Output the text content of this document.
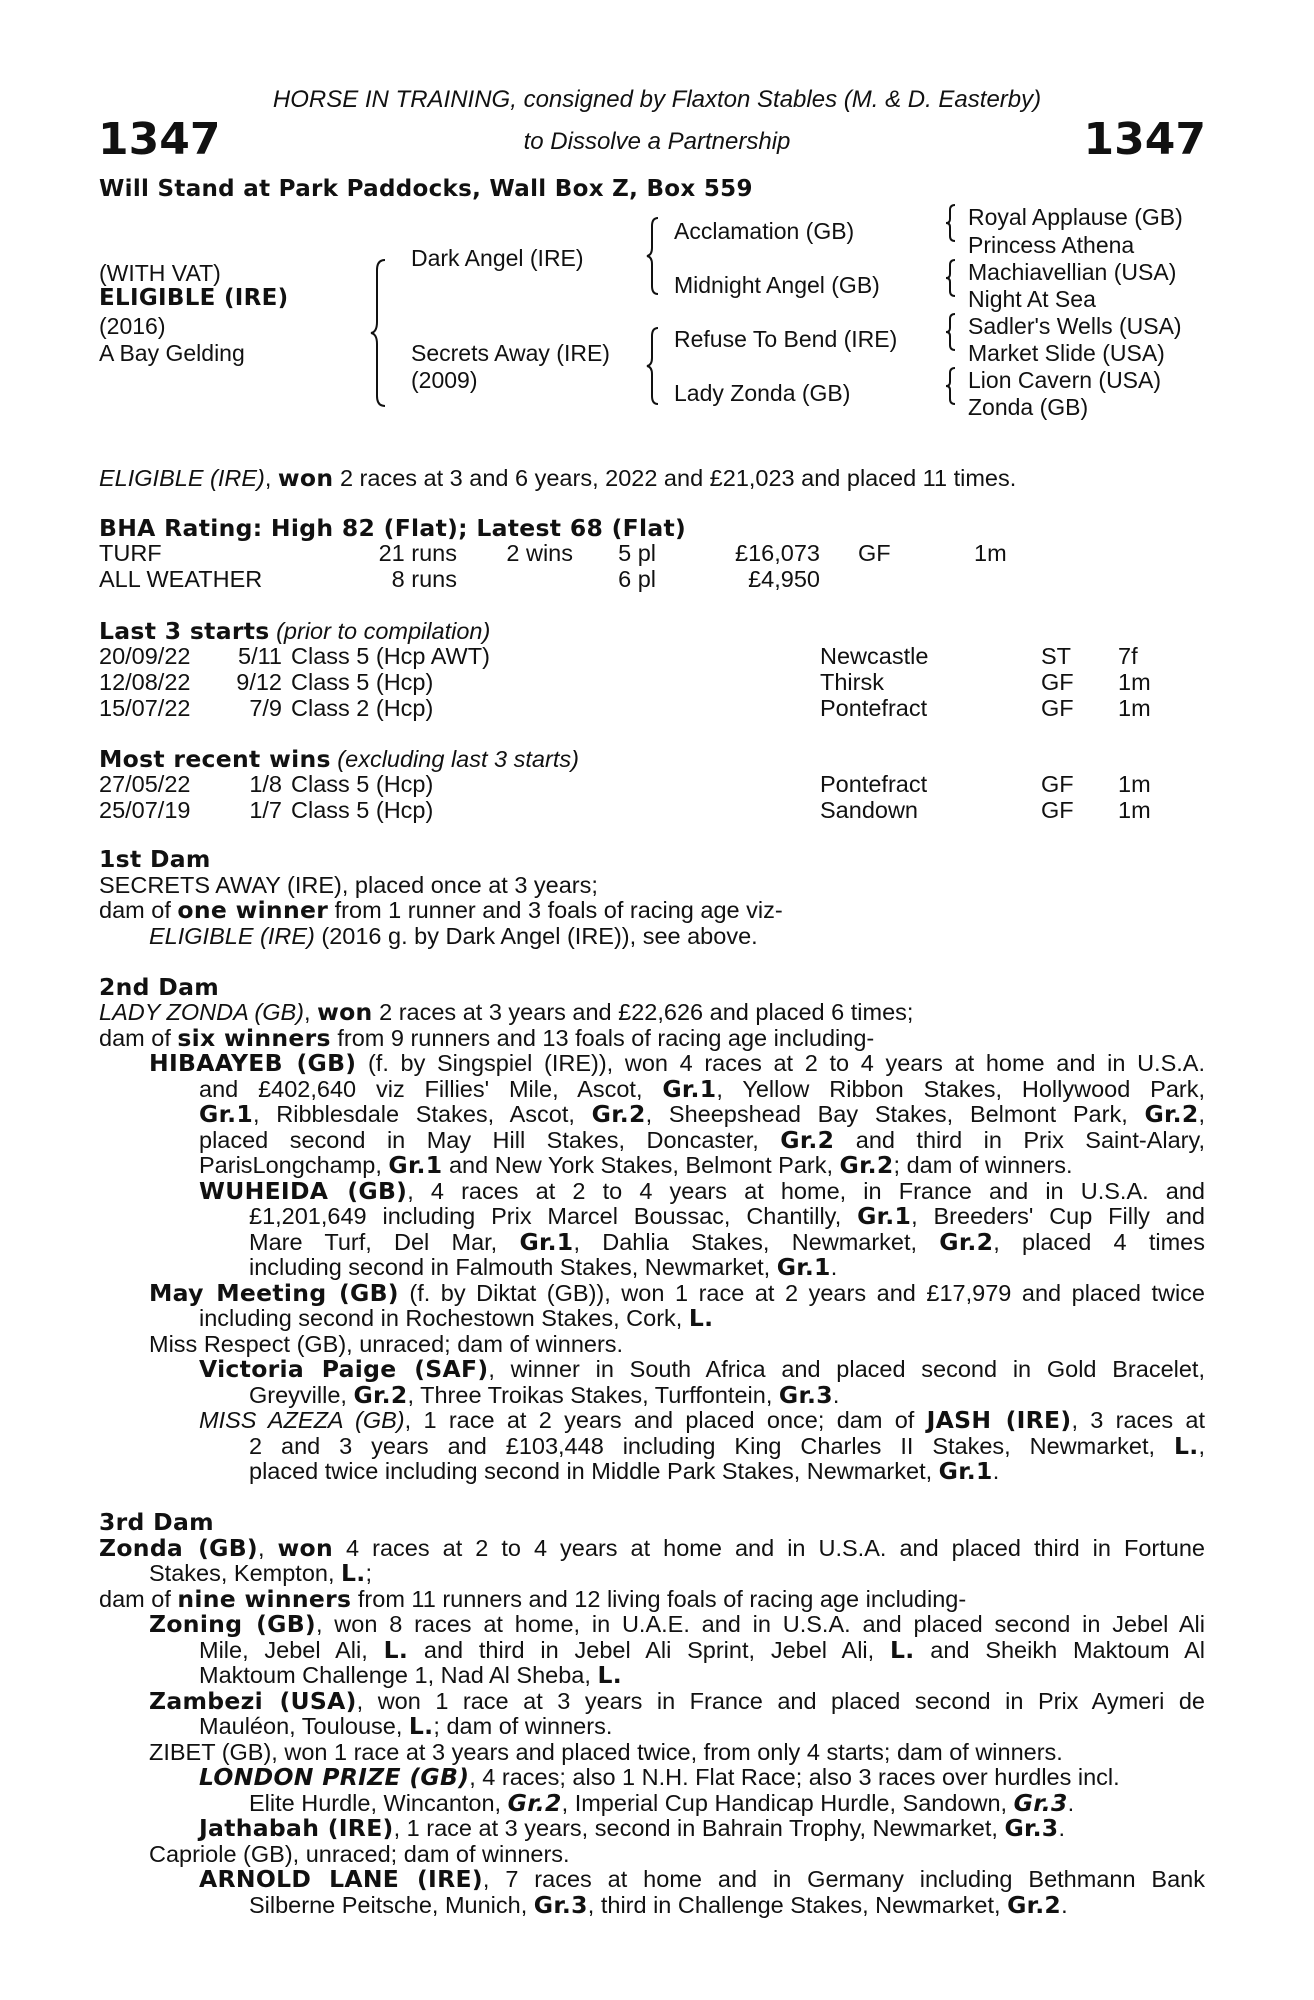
HORSE IN TRAINING, consigned by Flaxton Stables (M. & D. Easterby)
1347	to Dissolve a Partnership	1347
Will Stand at Park Paddocks, Wall Box Z, Box 559
(WITH VAT)
ELIGIBLE (IRE)
(2016)
A Bay Gelding
Dark Angel (IRE)
Secrets Away (IRE)
(2009)
Acclamation (GB)
Midnight Angel (GB)
Refuse To Bend (IRE)
Lady Zonda (GB)
Royal Applause (GB)
Princess Athena
Machiavellian (USA)
Night At Sea
Sadler's Wells (USA)
Market Slide (USA)
Lion Cavern (USA)
Zonda (GB)
ELIGIBLE (IRE), won 2 races at 3 and 6 years, 2022 and £21,023 and placed 11 times.
BHA Rating: High 82 (Flat); Latest 68 (Flat)
TURF	21 runs 2 wins 5 pl	£16,073 GF	1m
ALL WEATHER	8 runs	6 pl	£4,950
Last 3 starts (prior to compilation)
20/09/22 5/11 Class 5 (Hcp AWT)	Newcastle	ST 7f
12/08/22 9/12 Class 5 (Hcp)	Thirsk	GF 1m
15/07/22	7/9 Class 2 (Hcp)	Pontefract	GF 1m
Most recent wins (excluding last 3 starts)
27/05/22	1/8 Class 5 (Hcp)	Pontefract	GF 1m
25/07/19	1/7 Class 5 (Hcp)	Sandown	GF 1m
1st Dam
SECRETS AWAY (IRE), placed once at 3 years;
dam of one winner from 1 runner and 3 foals of racing age viz-
ELIGIBLE (IRE) (2016 g. by Dark Angel (IRE)), see above.
2nd Dam
LADY ZONDA (GB), won 2 races at 3 years and £22,626 and placed 6 times;
dam of six winners from 9 runners and 13 foals of racing age including-
HIBAAYEB (GB) (f. by Singspiel (IRE)), won 4 races at 2 to 4 years at home and in U.S.A.
and £402,640 viz Fillies' Mile, Ascot, Gr.1, Yellow Ribbon Stakes, Hollywood Park,
Gr.1, Ribblesdale Stakes, Ascot, Gr.2, Sheepshead Bay Stakes, Belmont Park, Gr.2,
placed second in May Hill Stakes, Doncaster, Gr.2 and third in Prix Saint-Alary,
ParisLongchamp, Gr.1 and New York Stakes, Belmont Park, Gr.2; dam of winners.
WUHEIDA (GB), 4 races at 2 to 4 years at home, in France and in U.S.A. and
£1,201,649 including Prix Marcel Boussac, Chantilly, Gr.1, Breeders' Cup Filly and
Mare Turf, Del Mar, Gr.1, Dahlia Stakes, Newmarket, Gr.2, placed 4 times
including second in Falmouth Stakes, Newmarket, Gr.1.
May Meeting (GB) (f. by Diktat (GB)), won 1 race at 2 years and £17,979 and placed twice
including second in Rochestown Stakes, Cork, L.
Miss Respect (GB), unraced; dam of winners.
Victoria Paige (SAF), winner in South Africa and placed second in Gold Bracelet,
Greyville, Gr.2, Three Troikas Stakes, Turffontein, Gr.3.
MISS AZEZA (GB), 1 race at 2 years and placed once; dam of JASH (IRE), 3 races at
2 and 3 years and £103,448 including King Charles II Stakes, Newmarket, L.,
placed twice including second in Middle Park Stakes, Newmarket, Gr.1.
3rd Dam
Zonda (GB), won 4 races at 2 to 4 years at home and in U.S.A. and placed third in Fortune
Stakes, Kempton, L.;
dam of nine winners from 11 runners and 12 living foals of racing age including-
Zoning (GB), won 8 races at home, in U.A.E. and in U.S.A. and placed second in Jebel Ali
Mile, Jebel Ali, L. and third in Jebel Ali Sprint, Jebel Ali, L. and Sheikh Maktoum Al
Maktoum Challenge 1, Nad Al Sheba, L.
Zambezi (USA), won 1 race at 3 years in France and placed second in Prix Aymeri de
Mauléon, Toulouse, L.; dam of winners.
ZIBET (GB), won 1 race at 3 years and placed twice, from only 4 starts; dam of winners.
LONDON PRIZE (GB), 4 races; also 1 N.H. Flat Race; also 3 races over hurdles incl.
Elite Hurdle, Wincanton, Gr.2, Imperial Cup Handicap Hurdle, Sandown, Gr.3.
Jathabah (IRE), 1 race at 3 years, second in Bahrain Trophy, Newmarket, Gr.3.
Capriole (GB), unraced; dam of winners.
ARNOLD LANE (IRE), 7 races at home and in Germany including Bethmann Bank
Silberne Peitsche, Munich, Gr.3, third in Challenge Stakes, Newmarket, Gr.2.
